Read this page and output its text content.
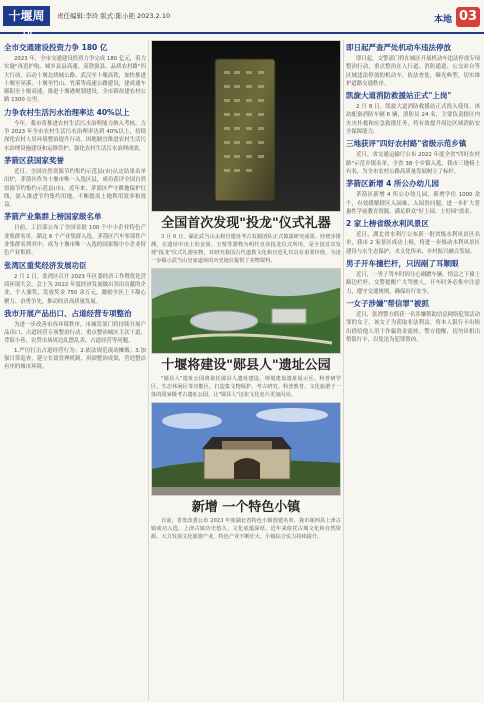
十堰周刊
责任编辑:李玲 版式:陈小艳 2023.2.10	本地 03
全市交通建设投资力争 180 亿
2023 年，全市交通建设投资力争完成 180 亿元，着力实施"再造护航、城乡县县高速、高铁强县、品质农村路"四大行动，启动十堰北绕城公路、武汉至十堰高铁，加快推进十堰至巫溪、十堰至竹山、竹溪等高速公路建设，建成通车郧阳至十堰高速，推进十堰港规划建设，全市新改建农村公路 1300 公里。
力争农村生活污水治理率达 40%以上
今年，我市将推进农村生活污水治理能力纳入考核，力争 2023 年全市农村生活污水治理率达到 40%以上，持续深化农村人居环境整治提升行动，因地制宜推进农村生活污水治理设施建设和运维管护，强化农村生活污水治理成效。
茅箭区获国家奖誉
近日，全国自然资源节约集约示范县(市)认定结果名单出炉，茅箭区作为十堰市唯一入选区县，成功获评全国自然资源节约集约示范县(市)。近年来，茅箭区严守耕地保护红线，深入推进节约集约用地，不断提高土地利用效率和效益。
茅箭产业集群上榜国家级名单
日前，工信部公布了全国首批 100 个中小企业特色产业集群名单，湖北 6 个产业集群入选，茅箭区汽车零部件产业集群名列其中，成为十堰市唯一入选的国家级中小企业特色产业集群。
张湾区重奖经济发展功臣
2 月 1 日，张湾区召开 2023 年区委经济工作暨优化营商环境大会，会上为 2022 年度经济发展做出突出贡献的企业、个人颁奖，发放奖金 750 余万元，激励全区上下凝心聚力、奋勇争先，推动经济高质量发展。
我市开展产品出口、占道经营专项整治
为进一步改善市容环境秩序，市城管部门将持续开展产品出口、占道经营专项整治行动，重点整治城区主次干道、背街小巷、农贸市场周边乱摆乱卖、占道经营等问题。
1.严厉打击占道经营行为；2.依法规范流动摊贩；3.加强日常巡查，建立长效管理机制，巩固整治成果，营造整洁有序的城市环境。
全国首次发现"投龙"仪式礼器
3 月 6 日，湖北武当山太和宫遗址考古发掘团队正式披露研究成果。经初步推测，在遗址中出土的金简、玉璧等器物为明代皇帝投龙仪式所用，是全国首次发现"投龙"仪式礼器实物，对研究我国古代道教文化和宫廷礼仪具有重要价值，为进一步揭示武当山皇家道场的历史地位提供了实物资料。
十堰将建设"郧县人"遗址公园
"郧县人"遗址公园将依托郧县人遗址建设，规划建设遗址展示区、科普研学区、生态休闲区等功能区，打造集文物保护、考古研究、科普教育、文化旅游于一体的国家级考古遗址公园，让"郧县人"这张文化名片更加闪亮。
新增 一个特色小镇
日前，省发改委公布 2023 年度湖北省特色小镇创建名单，我市郧西县上津古镇成功入选。上津古镇历史悠久、文化底蕴深厚，近年来依托古城文化和自然资源，大力发展文化旅游产业，特色产业不断壮大，小镇综合实力持续提升。
即日起严查严处机动车违法停放
即日起，交警部门将在城区开展机动车违法停放专项整治行动，重点整治在人行道、消防通道、公交站台等区域违法停放的机动车，依法查处，曝光典型，切实维护道路交通秩序。
凯旋大道消防救援站正式"上岗"
2 月 8 日，凯旋大道消防救援站正式投入使用。该站配备消防车辆 6 辆、消防员 24 名，主要负责辖区内火灾扑救和应急救援任务，将有效提升周边区域消防安全保障能力。
三地获评"四好农村路"省级示范乡镇
近日，省交通运输厅公布 2022 年度全省"四好农村路"示范乡镇名单，全省 38 个乡镇入选，我市三地榜上有名，为全市农村公路高质量发展树立了标杆。
茅箭区新增 4 所公办幼儿园
茅箭区新增 4 所公办幼儿园，新增学位 1000 余个，有效缓解辖区入园难、入园贵问题，进一步扩大普惠性学前教育资源，满足群众"好上园、上好园"需求。
2 家上榜省级水利风景区
近日，湖北省水利厅公布新一批省级水利风景区名单，我市 2 家景区成功上榜，将进一步推动水利风景区建设与水生态保护、水文化传承、乡村振兴融合发展。
男子开车撞栏杆，只因剐了耳顺眼
近日，一男子驾车时因分心剐蹭车辆，情急之下撞上路边栏杆，交警提醒广大驾驶人，开车时务必集中注意力，遵守交通规则，确保出行安全。
一女子涉嫌"帮信罪"被抓
近日，张湾警方抓获一名涉嫌帮助信息网络犯罪活动罪的女子。该女子为获取非法利益，将本人银行卡出租出借给他人用于诈骗资金流转。警方提醒，切勿出租出借银行卡，以免沦为犯罪帮凶。
